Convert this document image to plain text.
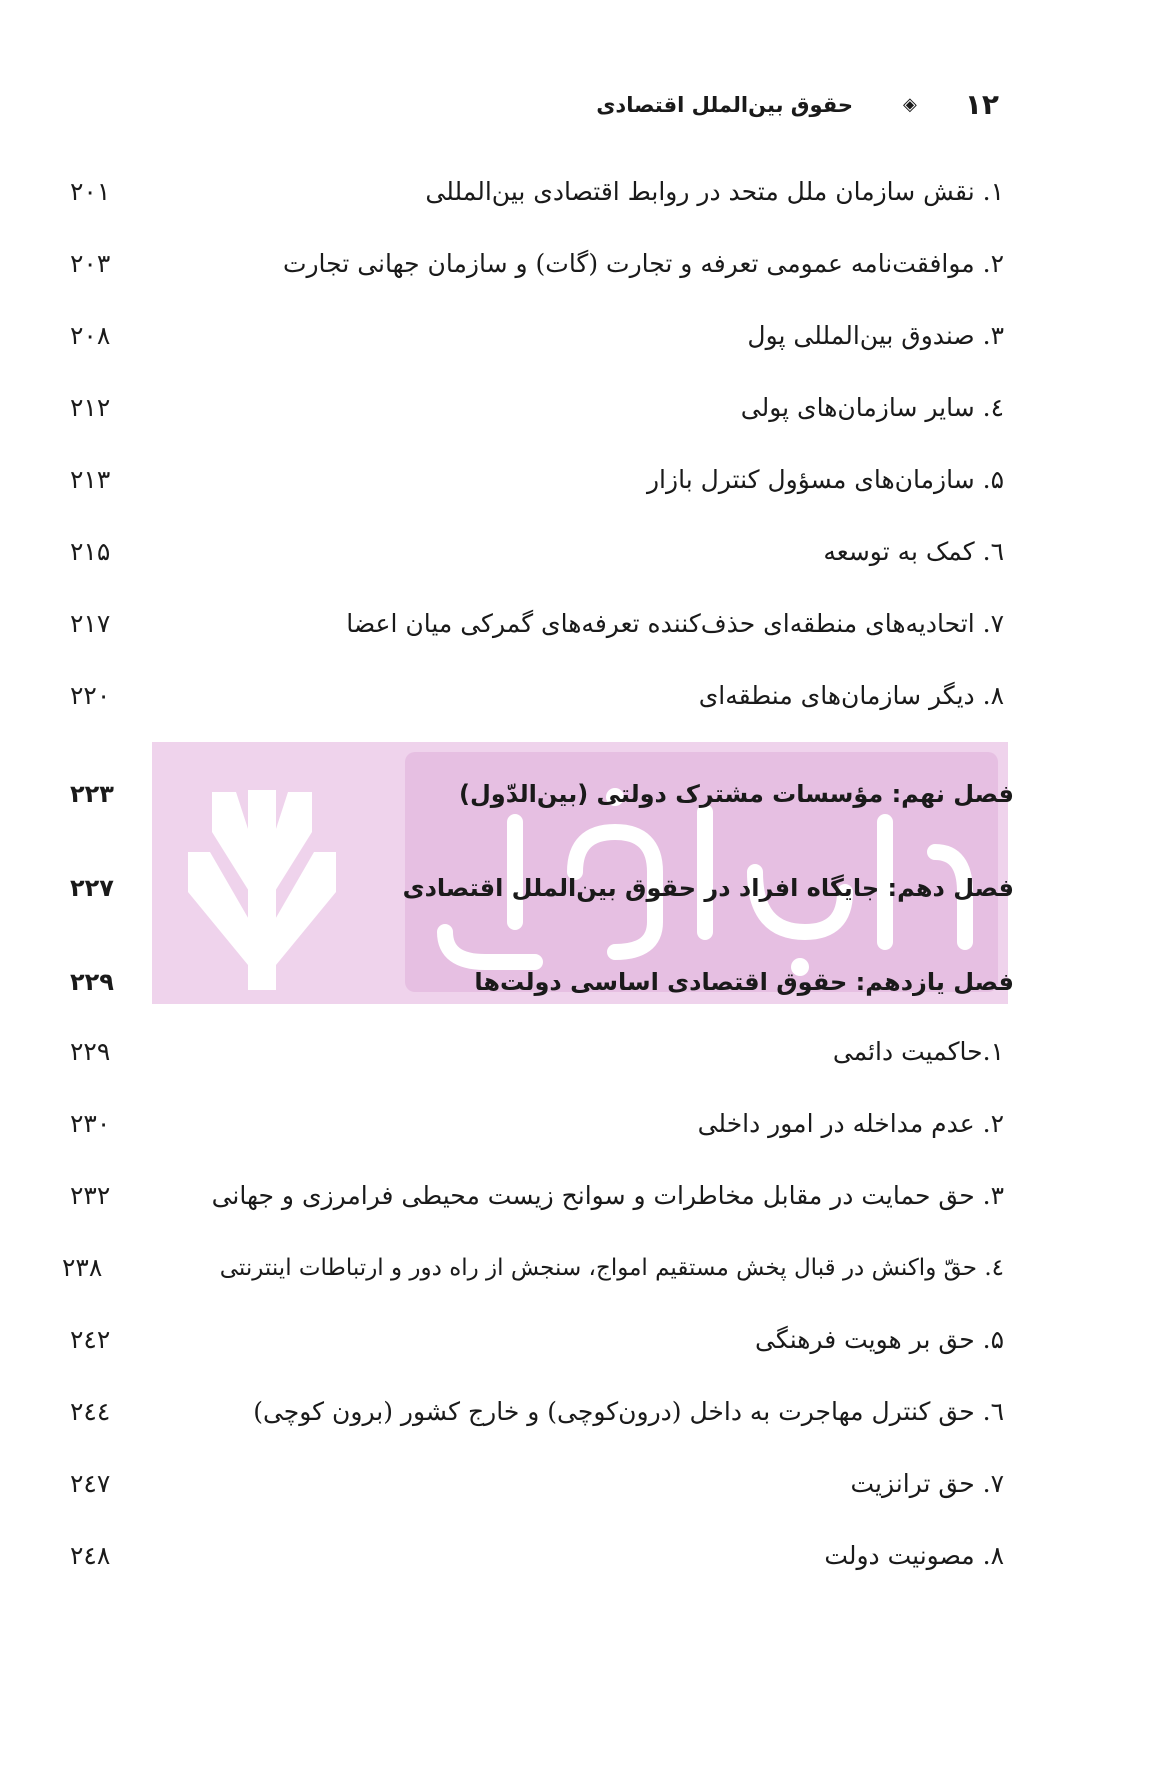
۱۲
◈
حقوق بین‌الملل اقتصادی
۱. نقش سازمان ملل متحد در روابط اقتصادی بین‌المللی
۲۰۱
۲. موافقت‌نامه عمومی تعرفه و تجارت (گات) و سازمان جهانی تجارت
۲۰۳
۳. صندوق بین‌المللی پول
۲۰۸
٤. سایر سازمان‌های پولی
۲۱۲
۵. سازمان‌های مسؤول کنترل بازار
۲۱۳
٦. کمک به توسعه
۲۱۵
۷. اتحادیه‌های منطقه‌ای حذف‌کننده تعرفه‌های گمرکی میان اعضا
۲۱۷
۸. دیگر سازمان‌های منطقه‌ای
۲۲۰
فصل نهم: مؤسسات مشترک دولتی (بین‌الدّول)
۲۲۳
فصل دهم: جایگاه افراد در حقوق بین‌الملل اقتصادی
۲۲۷
فصل یازدهم: حقوق اقتصادی اساسی دولت‌ها
۲۲۹
۱.حاکمیت دائمی
۲۲۹
۲. عدم مداخله در امور داخلی
۲۳۰
۳. حق حمایت در مقابل مخاطرات و سوانح زیست محیطی فرامرزی و جهانی
۲۳۲
٤. حقّ واکنش در قبال پخش مستقیم امواج، سنجش از راه دور و ارتباطات اینترنتی
۲۳۸
۵. حق بر هویت فرهنگی
۲٤۲
٦. حق کنترل مهاجرت به داخل (درون‌کوچی) و خارج کشور (برون کوچی)
۲٤٤
۷. حق ترانزیت
۲٤۷
۸. مصونیت دولت
۲٤۸
